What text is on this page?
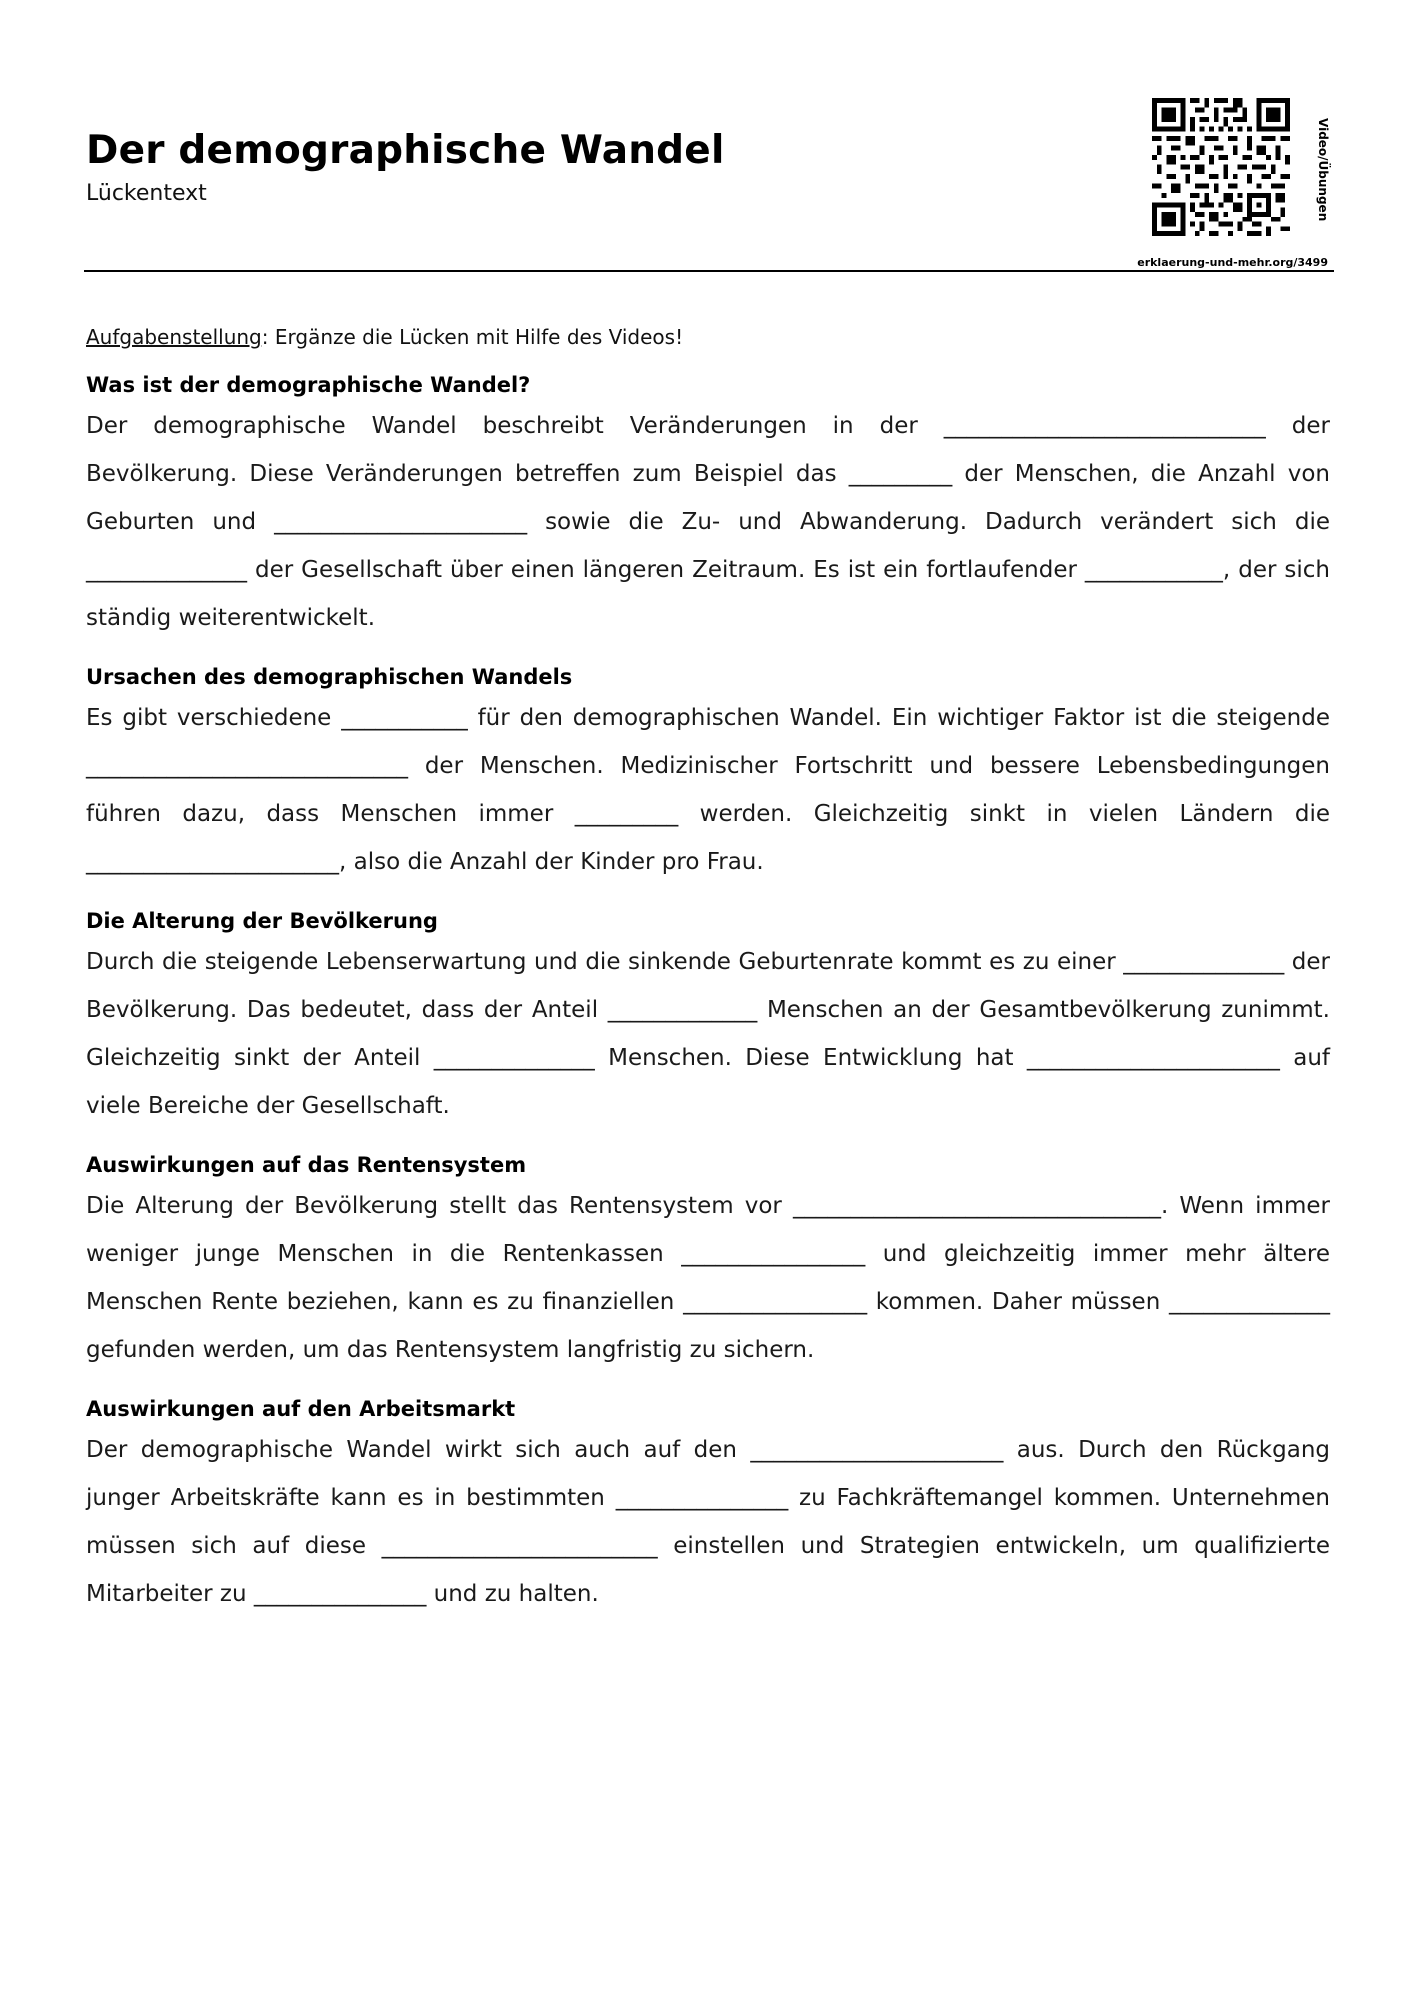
Der demographische Wandel
Lückentext	Video/Übungen
erklaerung-und-mehr.org/3499

Aufgabenstellung: Ergänze die Lücken mit Hilfe des Videos!

Was ist der demographische Wandel?

Der demographische Wandel beschreibt Veränderungen in der ____________________________ der Bevölkerung. Diese Veränderungen betreffen zum Beispiel das _________ der Menschen, die Anzahl von Geburten und ______________________ sowie die Zu- und Abwanderung. Dadurch verändert sich die ______________ der Gesellschaft über einen längeren Zeitraum. Es ist ein fortlaufender ____________, der sich ständig weiterentwickelt.

Ursachen des demographischen Wandels

Es gibt verschiedene ___________ für den demographischen Wandel. Ein wichtiger Faktor ist die steigende ____________________________ der Menschen. Medizinischer Fortschritt und bessere Lebensbedingungen führen dazu, dass Menschen immer _________ werden. Gleichzeitig sinkt in vielen Ländern die ______________________, also die Anzahl der Kinder pro Frau.

Die Alterung der Bevölkerung

Durch die steigende Lebenserwartung und die sinkende Geburtenrate kommt es zu einer ______________ der Bevölkerung. Das bedeutet, dass der Anteil _____________ Menschen an der Gesamtbevölkerung zunimmt. Gleichzeitig sinkt der Anteil ______________ Menschen. Diese Entwicklung hat ______________________ auf viele Bereiche der Gesellschaft.

Auswirkungen auf das Rentensystem

Die Alterung der Bevölkerung stellt das Rentensystem vor ________________________________. Wenn immer weniger junge Menschen in die Rentenkassen ________________ und gleichzeitig immer mehr ältere Menschen Rente beziehen, kann es zu finanziellen ________________ kommen. Daher müssen ______________ gefunden werden, um das Rentensystem langfristig zu sichern.

Auswirkungen auf den Arbeitsmarkt

Der demographische Wandel wirkt sich auch auf den ______________________ aus. Durch den Rückgang junger Arbeitskräfte kann es in bestimmten _______________ zu Fachkräftemangel kommen. Unternehmen müssen sich auf diese ________________________ einstellen und Strategien entwickeln, um qualifizierte Mitarbeiter zu _______________ und zu halten.
